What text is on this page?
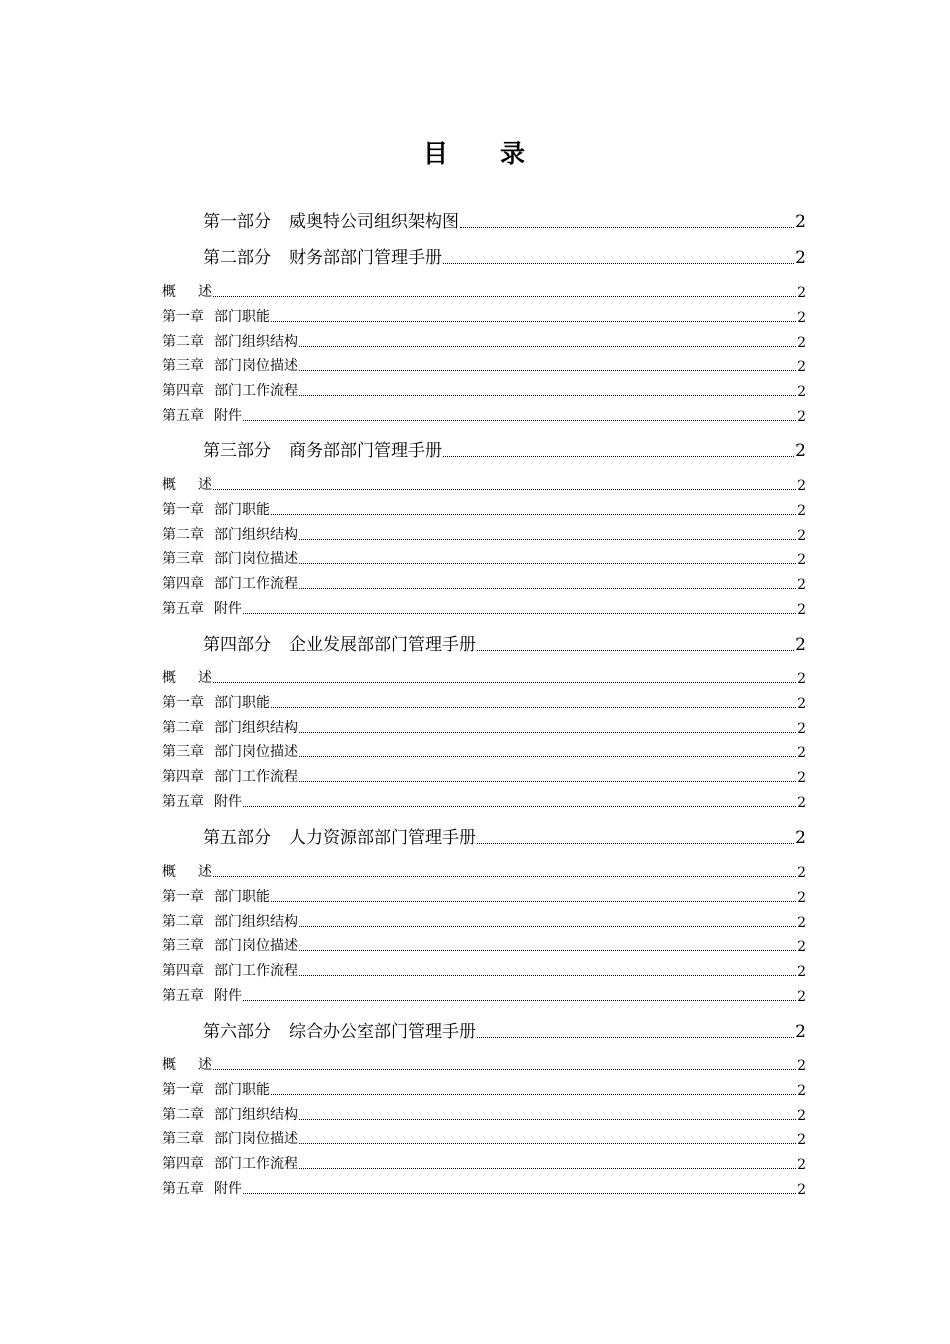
目 录
第一部分 威奥特公司组织架构图	2
第二部分 财务部部门管理手册	2
概 述	2
第一章 部门职能	2
第二章 部门组织结构	2
第三章 部门岗位描述	2
第四章 部门工作流程	2
第五章 附件	2
第三部分 商务部部门管理手册	2
概 述	2
第一章 部门职能	2
第二章 部门组织结构	2
第三章 部门岗位描述	2
第四章 部门工作流程	2
第五章 附件	2
第四部分 企业发展部部门管理手册	2
概 述	2
第一章 部门职能	2
第二章 部门组织结构	2
第三章 部门岗位描述	2
第四章 部门工作流程	2
第五章 附件	2
第五部分 人力资源部部门管理手册	2
概 述	2
第一章 部门职能	2
第二章 部门组织结构	2
第三章 部门岗位描述	2
第四章 部门工作流程	2
第五章 附件	2
第六部分 综合办公室部门管理手册	2
概 述	2
第一章 部门职能	2
第二章 部门组织结构	2
第三章 部门岗位描述	2
第四章 部门工作流程	2
第五章 附件	2
